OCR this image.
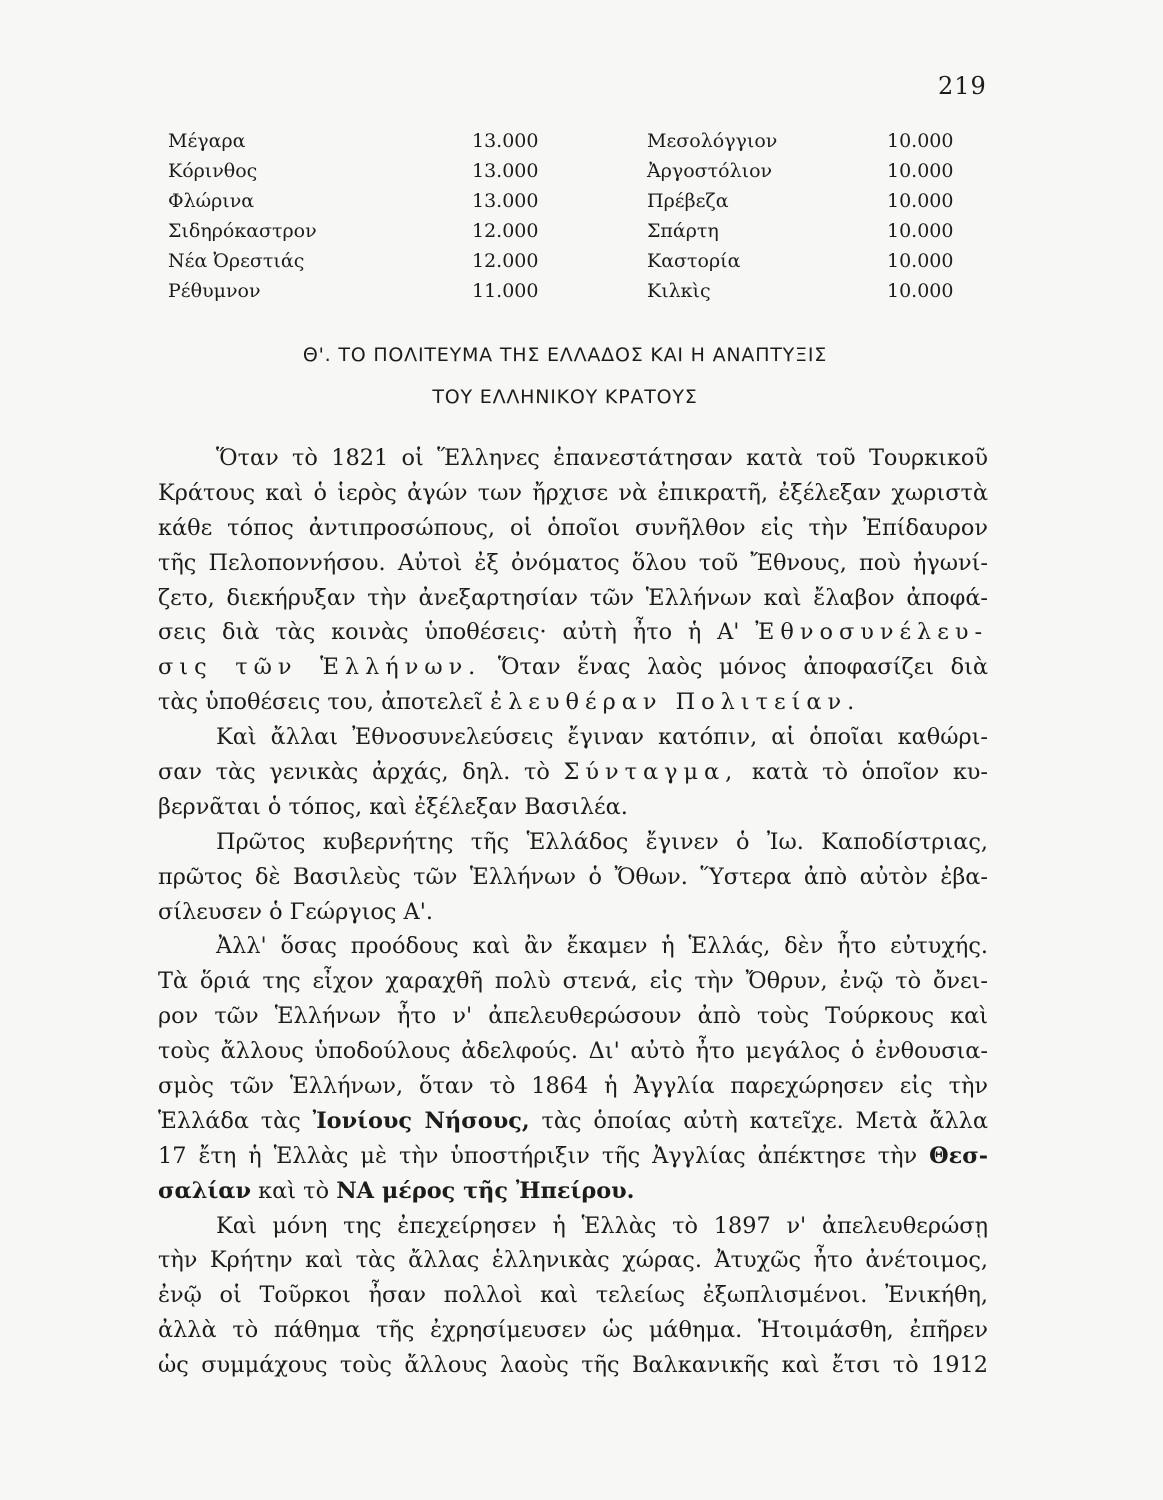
219
Μέγαρα	13.000	Μεσολόγγιον	10.000
Κόρινθος	13.000	Ἀργοστόλιον	10.000
Φλώρινα	13.000	Πρέβεζα	10.000
Σιδηρόκαστρον	12.000	Σπάρτη	10.000
Νέα Ὀρεστιάς	12.000	Καστορία	10.000
Ρέθυμνον	11.000	Κιλκὶς	10.000
Θ'. ΤΟ ΠΟΛΙΤΕΥΜΑ ΤΗΣ ΕΛΛΑΔΟΣ ΚΑΙ Η ΑΝΑΠΤΥΞΙΣ
ΤΟΥ ΕΛΛΗΝΙΚΟΥ ΚΡΑΤΟΥΣ
Ὅταν τὸ 1821 οἱ Ἕλληνες ἐπανεστάτησαν κατὰ τοῦ Τουρκικοῦ
Κράτους καὶ ὁ ἱερὸς ἀγών των ἤρχισε νὰ ἐπικρατῆ, ἐξέλεξαν χωριστὰ
κάθε τόπος ἀντιπροσώπους, οἱ ὁποῖοι συνῆλθον εἰς τὴν Ἐπίδαυρον
τῆς Πελοποννήσου. Αὐτοὶ ἐξ ὀνόματος ὅλου τοῦ Ἔθνους, ποὺ ἠγωνί-
ζετο, διεκήρυξαν τὴν ἀνεξαρτησίαν τῶν Ἑλλήνων καὶ ἔλαβον ἀποφά-
σεις διὰ τὰς κοινὰς ὑποθέσεις· αὐτὴ ἦτο ἡ Α' Ἐθνοσυνέλευ-
σις τῶν Ἑλλήνων. Ὅταν ἕνας λαὸς μόνος ἀποφασίζει διὰ
τὰς ὑποθέσεις του, ἀποτελεῖ ἐλευθέραν Πολιτείαν.
Καὶ ἄλλαι Ἐθνοσυνελεύσεις ἔγιναν κατόπιν, αἱ ὁποῖαι καθώρι-
σαν τὰς γενικὰς ἀρχάς, δηλ. τὸ Σύνταγμα, κατὰ τὸ ὁποῖον κυ-
βερνᾶται ὁ τόπος, καὶ ἐξέλεξαν Βασιλέα.
Πρῶτος κυβερνήτης τῆς Ἑλλάδος ἔγινεν ὁ Ἰω. Καποδίστριας,
πρῶτος δὲ Βασιλεὺς τῶν Ἑλλήνων ὁ Ὄθων. Ὕστερα ἀπὸ αὐτὸν ἐβα-
σίλευσεν ὁ Γεώργιος Α'.
Ἀλλ' ὅσας προόδους καὶ ἂν ἔκαμεν ἡ Ἑλλάς, δὲν ἦτο εὐτυχής.
Τὰ ὅριά της εἶχον χαραχθῆ πολὺ στενά, εἰς τὴν Ὄθρυν, ἐνῷ τὸ ὄνει-
ρον τῶν Ἑλλήνων ἦτο ν' ἀπελευθερώσουν ἀπὸ τοὺς Τούρκους καὶ
τοὺς ἄλλους ὑποδούλους ἀδελφούς. Δι' αὐτὸ ἦτο μεγάλος ὁ ἐνθουσια-
σμὸς τῶν Ἑλλήνων, ὅταν τὸ 1864 ἡ Ἀγγλία παρεχώρησεν εἰς τὴν
Ἑλλάδα τὰς Ἰονίους Νήσους, τὰς ὁποίας αὐτὴ κατεῖχε. Μετὰ ἄλλα
17 ἔτη ἡ Ἑλλὰς μὲ τὴν ὑποστήριξιν τῆς Ἀγγλίας ἀπέκτησε τὴν Θεσ-
σαλίαν καὶ τὸ ΝΑ μέρος τῆς Ἠπείρου.
Καὶ μόνη της ἐπεχείρησεν ἡ Ἑλλὰς τὸ 1897 ν' ἀπελευθερώσῃ
τὴν Κρήτην καὶ τὰς ἄλλας ἑλληνικὰς χώρας. Ἀτυχῶς ἦτο ἀνέτοιμος,
ἐνῷ οἱ Τοῦρκοι ἦσαν πολλοὶ καὶ τελείως ἐξωπλισμένοι. Ἐνικήθη,
ἀλλὰ τὸ πάθημα τῆς ἐχρησίμευσεν ὡς μάθημα. Ἡτοιμάσθη, ἐπῆρεν
ὡς συμμάχους τοὺς ἄλλους λαοὺς τῆς Βαλκανικῆς καὶ ἔτσι τὸ 1912
